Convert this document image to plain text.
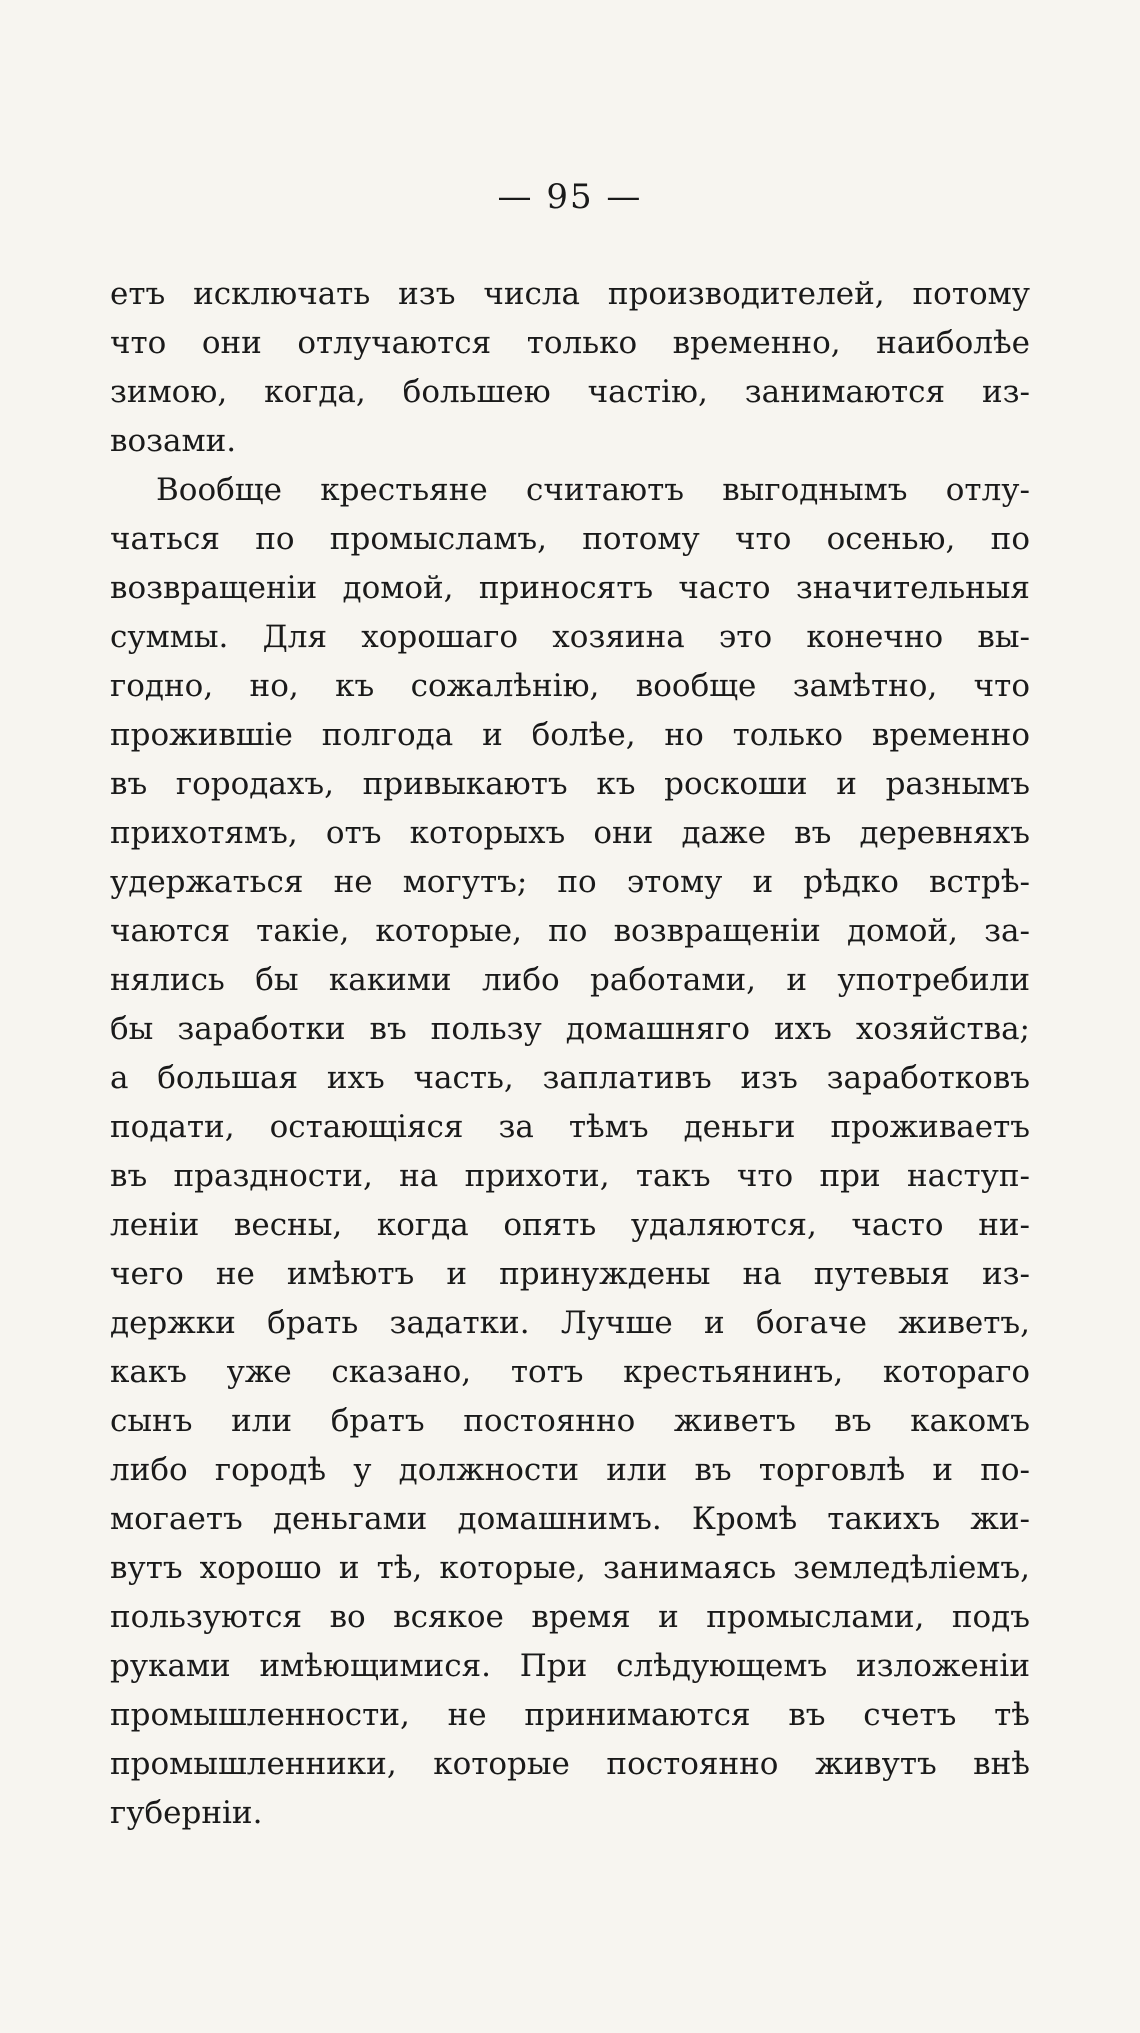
— 95 —
етъ исключать изъ числа производителей, потому
что они отлучаются только временно, наиболѣе
зимою, когда, большею частію, занимаются из-
возами.
Вообще крестьяне считаютъ выгоднымъ отлу-
чаться по промысламъ, потому что осенью, по
возвращеніи домой, приносятъ часто значительныя
суммы. Для хорошаго хозяина это конечно вы-
годно, но, къ сожалѣнію, вообще замѣтно, что
прожившіе полгода и болѣе, но только временно
въ городахъ, привыкаютъ къ роскоши и разнымъ
прихотямъ, отъ которыхъ они даже въ деревняхъ
удержаться не могутъ; по этому и рѣдко встрѣ-
чаются такіе, которые, по возвращеніи домой, за-
нялись бы какими либо работами, и употребили
бы заработки въ пользу домашняго ихъ хозяйства;
а большая ихъ часть, заплативъ изъ заработковъ
подати, остающіяся за тѣмъ деньги проживаетъ
въ праздности, на прихоти, такъ что при наступ-
леніи весны, когда опять удаляются, часто ни-
чего не имѣютъ и принуждены на путевыя из-
держки брать задатки. Лучше и богаче живетъ,
какъ уже сказано, тотъ крестьянинъ, котораго
сынъ или братъ постоянно живетъ въ какомъ
либо городѣ у должности или въ торговлѣ и по-
могаетъ деньгами домашнимъ. Кромѣ такихъ жи-
вутъ хорошо и тѣ, которые, занимаясь земледѣліемъ,
пользуются во всякое время и промыслами, подъ
руками имѣющимися. При слѣдующемъ изложеніи
промышленности, не принимаются въ счетъ тѣ
промышленники, которые постоянно живутъ внѣ
губерніи.
